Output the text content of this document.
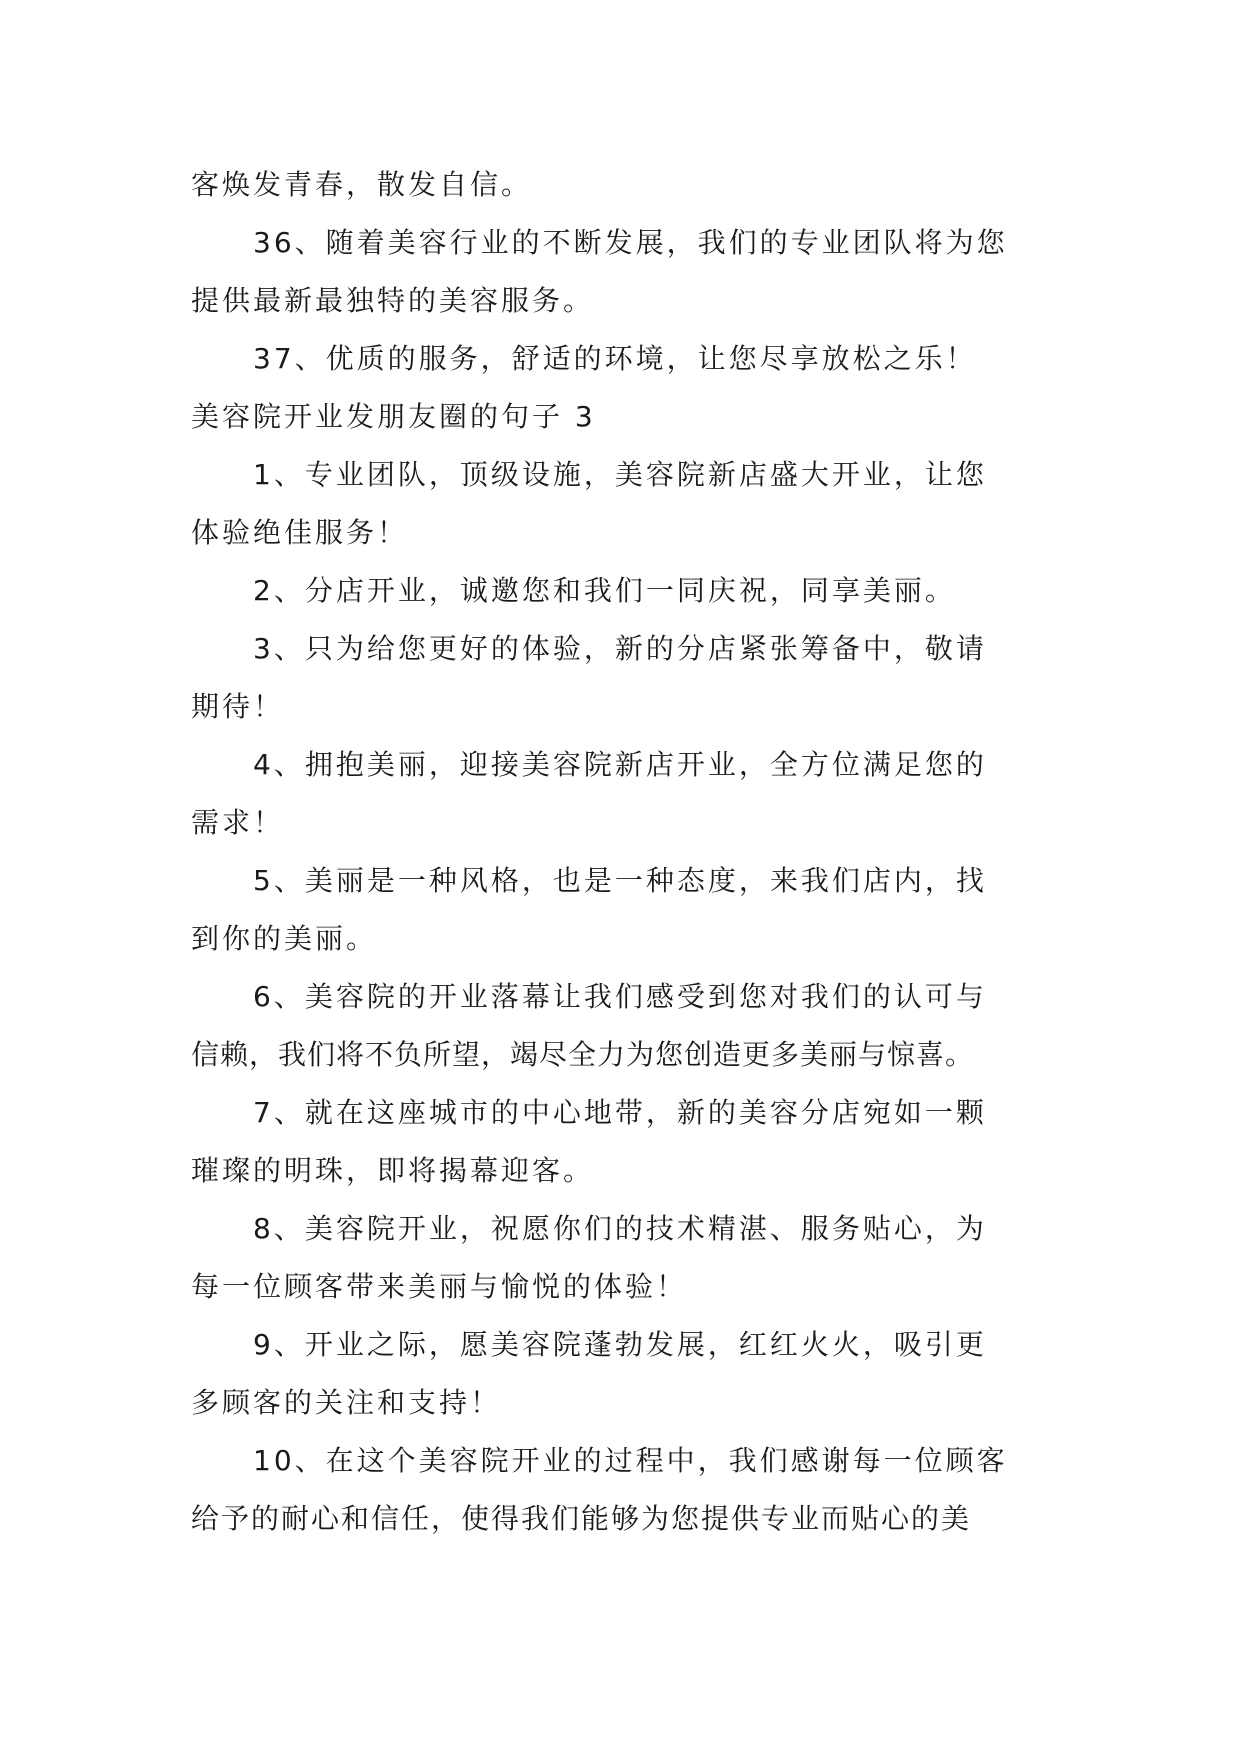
客焕发青春，散发自信。
36、随着美容行业的不断发展，我们的专业团队将为您
提供最新最独特的美容服务。
37、优质的服务，舒适的环境，让您尽享放松之乐！
美容院开业发朋友圈的句子 3
1、专业团队，顶级设施，美容院新店盛大开业，让您
体验绝佳服务！
2、分店开业，诚邀您和我们一同庆祝，同享美丽。
3、只为给您更好的体验，新的分店紧张筹备中，敬请
期待！
4、拥抱美丽，迎接美容院新店开业，全方位满足您的
需求！
5、美丽是一种风格，也是一种态度，来我们店内，找
到你的美丽。
6、美容院的开业落幕让我们感受到您对我们的认可与
信赖，我们将不负所望，竭尽全力为您创造更多美丽与惊喜。
7、就在这座城市的中心地带，新的美容分店宛如一颗
璀璨的明珠，即将揭幕迎客。
8、美容院开业，祝愿你们的技术精湛、服务贴心，为
每一位顾客带来美丽与愉悦的体验！
9、开业之际，愿美容院蓬勃发展，红红火火，吸引更
多顾客的关注和支持！
10、在这个美容院开业的过程中，我们感谢每一位顾客
给予的耐心和信任，使得我们能够为您提供专业而贴心的美
